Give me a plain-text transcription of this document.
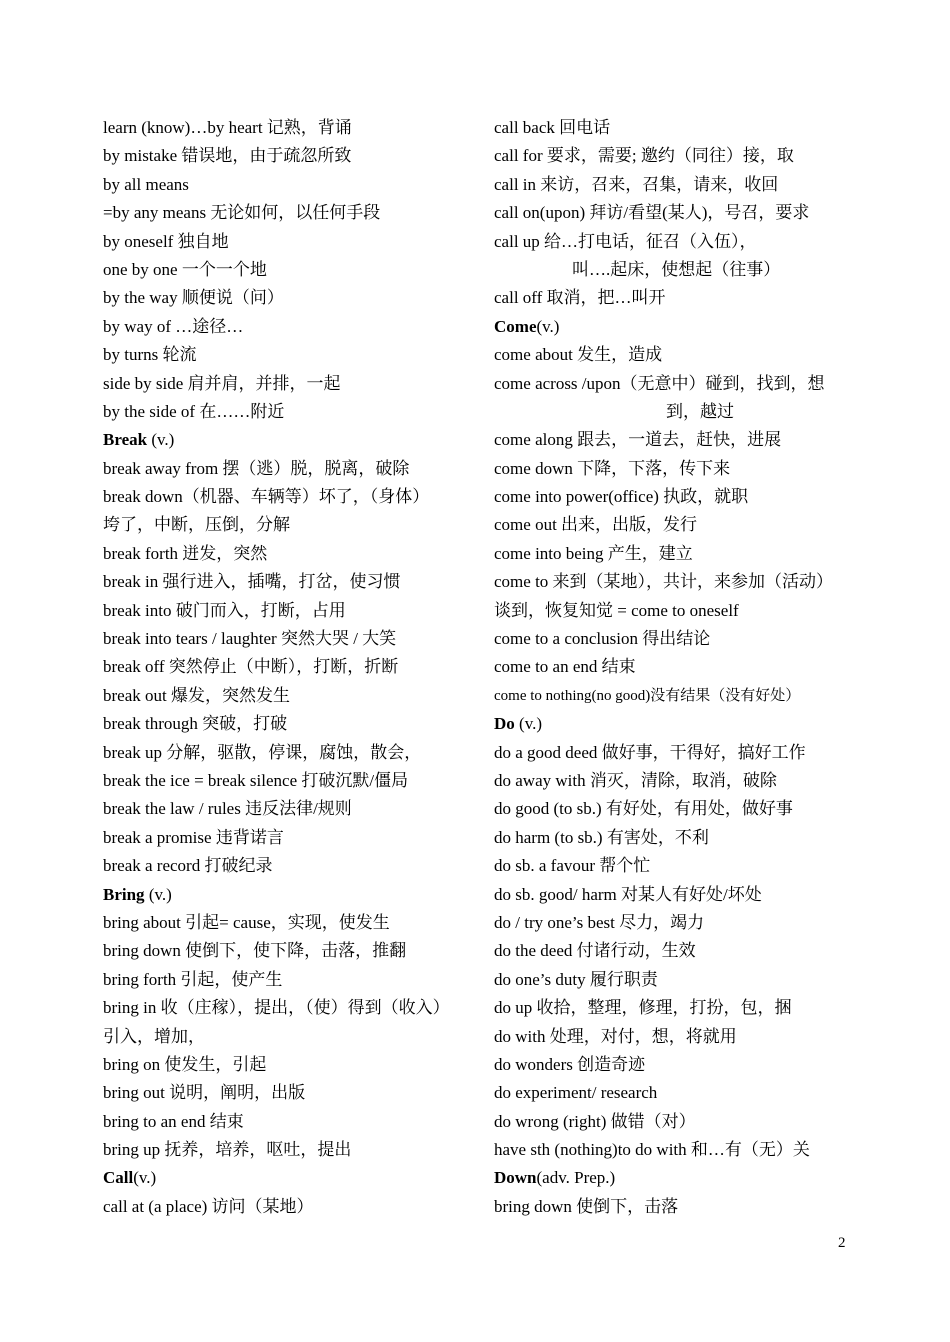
learn (know)…by heart 记熟，背诵
by mistake 错误地，由于疏忽所致
by all means
=by any means 无论如何，以任何手段
by oneself 独自地
one by one 一个一个地
by the way 顺便说（问）
by way of …途径…
by turns 轮流
side by side 肩并肩，并排，一起
by the side of 在……附近
Break (v.)
break away from 摆（逃）脱，脱离，破除
break down（机器、车辆等）坏了，（身体）
垮了，中断，压倒，分解
break forth 迸发，突然
break in 强行进入，插嘴，打岔，使习惯
break into 破门而入，打断，占用
break into tears / laughter 突然大哭 / 大笑
break off 突然停止（中断），打断，折断
break out 爆发，突然发生
break through 突破，打破
break up 分解，驱散，停课，腐蚀，散会，
break the ice = break silence 打破沉默/僵局
break the law / rules 违反法律/规则
break a promise 违背诺言
break a record 打破纪录
Bring (v.)
bring about 引起= cause，实现，使发生
bring down 使倒下，使下降，击落，推翻
bring forth 引起，使产生
bring in 收（庄稼），提出，（使）得到（收入）
引入，增加，
bring on 使发生，引起
bring out 说明，阐明，出版
bring to an end 结束
bring up 抚养，培养，呕吐，提出
Call(v.)
call at (a place) 访问（某地）
call back 回电话
call for 要求，需要; 邀约（同往）接，取
call in 来访，召来，召集，请来，收回
call on(upon) 拜访/看望(某人)，号召，要求
call up 给…打电话，征召（入伍），
叫….起床，使想起（往事）
call off 取消，把…叫开
Come(v.)
come about 发生，造成
come across /upon（无意中）碰到，找到，想
到，越过
come along 跟去，一道去，赶快，进展
come down 下降，下落，传下来
come into power(office) 执政，就职
come out 出来，出版，发行
come into being 产生，建立
come to 来到（某地），共计，来参加（活动）
谈到，恢复知觉 = come to oneself
come to a conclusion 得出结论
come to an end 结束
come to nothing(no good)没有结果（没有好处）
Do (v.)
do a good deed 做好事，干得好，搞好工作
do away with 消灭，清除，取消，破除
do good (to sb.) 有好处，有用处，做好事
do harm (to sb.) 有害处，不利
do sb. a favour 帮个忙
do sb. good/ harm 对某人有好处/坏处
do / try one’s best 尽力，竭力
do the deed 付诸行动，生效
do one’s duty 履行职责
do up 收拾，整理，修理，打扮，包，捆
do with 处理，对付，想，将就用
do wonders 创造奇迹
do experiment/ research
do wrong (right) 做错（对）
have sth (nothing)to do with 和…有（无）关
Down(adv. Prep.)
bring down 使倒下，击落
2
